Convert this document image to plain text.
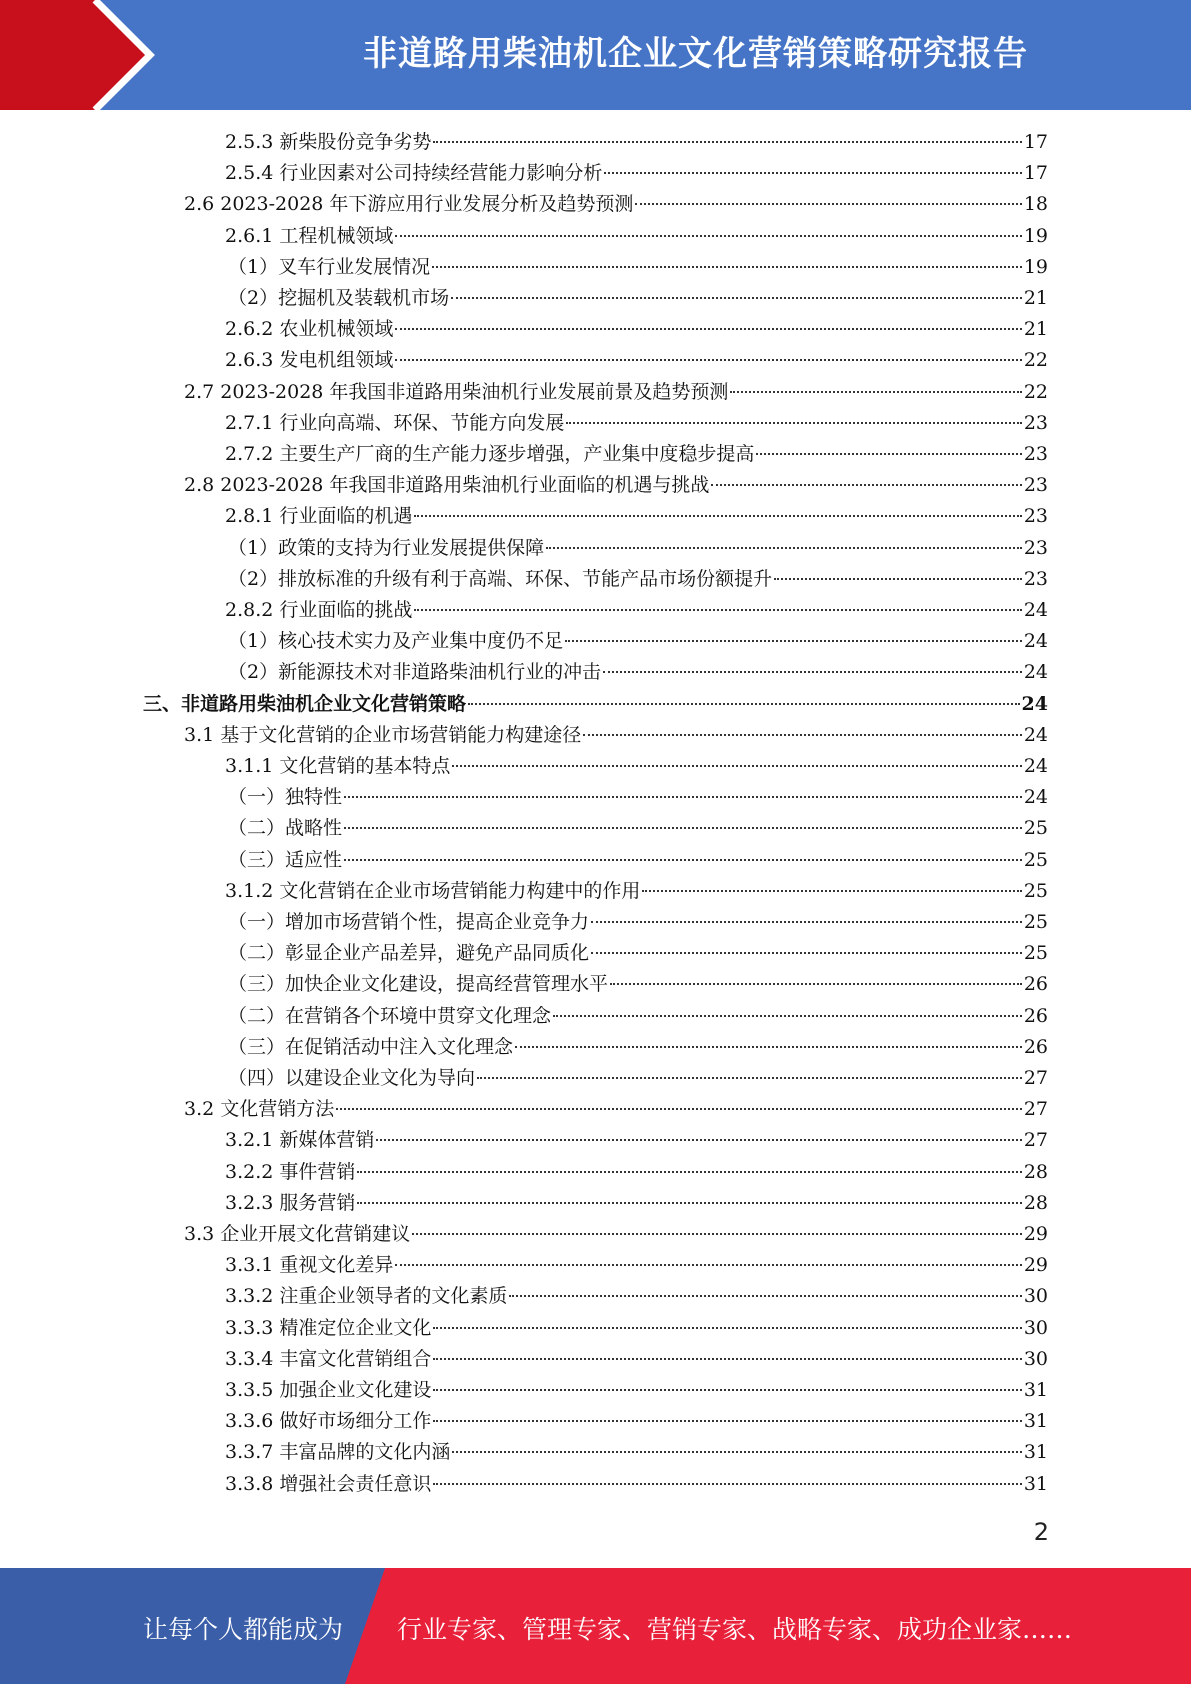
非道路用柴油机企业文化营销策略研究报告
2.5.3 新柴股份竞争劣势	17
2.5.4 行业因素对公司持续经营能力影响分析	17
2.6 2023-2028 年下游应用行业发展分析及趋势预测	18
2.6.1 工程机械领域	19
（1）叉车行业发展情况	19
（2）挖掘机及装载机市场	21
2.6.2 农业机械领域	21
2.6.3 发电机组领域	22
2.7 2023-2028 年我国非道路用柴油机行业发展前景及趋势预测	22
2.7.1 行业向高端、环保、节能方向发展	23
2.7.2 主要生产厂商的生产能力逐步增强，产业集中度稳步提高	23
2.8 2023-2028 年我国非道路用柴油机行业面临的机遇与挑战	23
2.8.1 行业面临的机遇	23
（1）政策的支持为行业发展提供保障	23
（2）排放标准的升级有利于高端、环保、节能产品市场份额提升	23
2.8.2 行业面临的挑战	24
（1）核心技术实力及产业集中度仍不足	24
（2）新能源技术对非道路柴油机行业的冲击	24
三、非道路用柴油机企业文化营销策略	24
3.1 基于文化营销的企业市场营销能力构建途径	24
3.1.1 文化营销的基本特点	24
（一）独特性	24
（二）战略性	25
（三）适应性	25
3.1.2 文化营销在企业市场营销能力构建中的作用	25
（一）增加市场营销个性，提高企业竞争力	25
（二）彰显企业产品差异，避免产品同质化	25
（三）加快企业文化建设，提高经营管理水平	26
（二）在营销各个环境中贯穿文化理念	26
（三）在促销活动中注入文化理念	26
（四）以建设企业文化为导向	27
3.2 文化营销方法	27
3.2.1 新媒体营销	27
3.2.2 事件营销	28
3.2.3 服务营销	28
3.3 企业开展文化营销建议	29
3.3.1 重视文化差异	29
3.3.2 注重企业领导者的文化素质	30
3.3.3 精准定位企业文化	30
3.3.4 丰富文化营销组合	30
3.3.5 加强企业文化建设	31
3.3.6 做好市场细分工作	31
3.3.7 丰富品牌的文化内涵	31
3.3.8 增强社会责任意识	31
2
让每个人都能成为 行业专家、管理专家、营销专家、战略专家、成功企业家……
